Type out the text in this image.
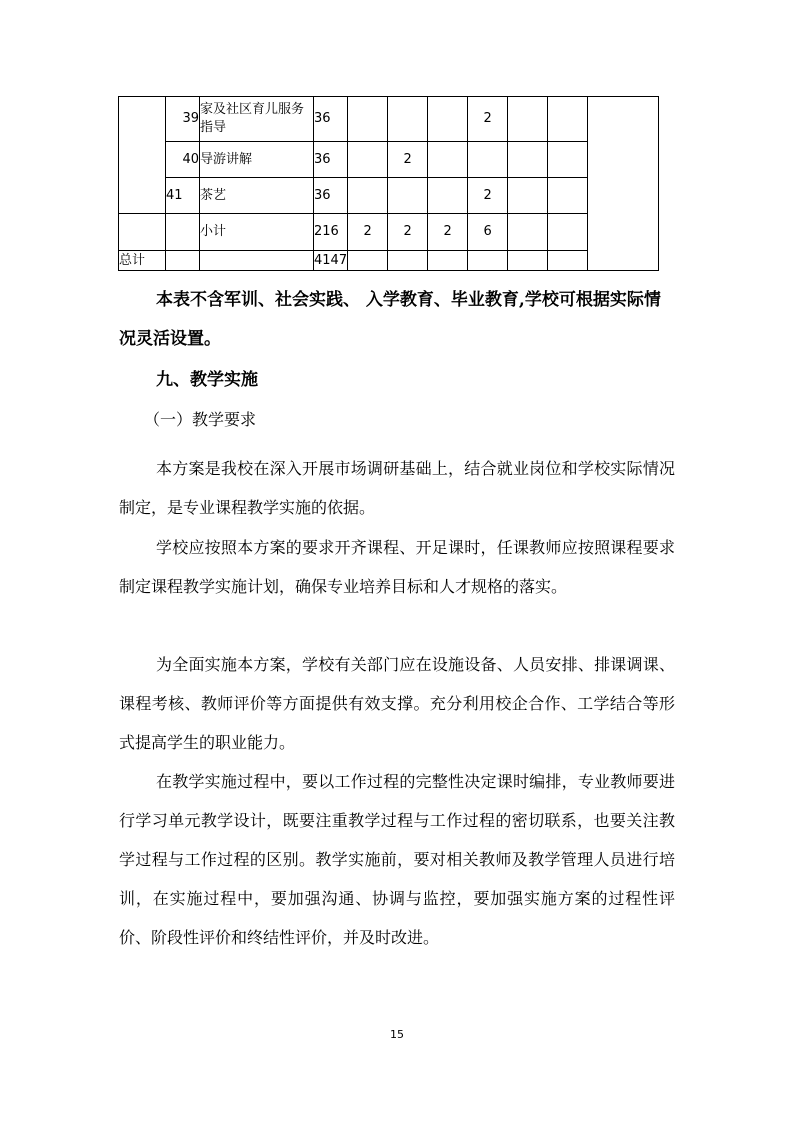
	39	家及社区育儿服务指导	36				2			
	40	导游讲解	36		2					
	41	茶艺	36				2			
		小计	216	2	2	2	6			
总计			4147							

本表不含军训、社会实践、 入学教育、毕业教育,学校可根据实际情况灵活设置。

九、教学实施

（一）教学要求

本方案是我校在深入开展市场调研基础上，结合就业岗位和学校实际情况制定，是专业课程教学实施的依据。

学校应按照本方案的要求开齐课程、开足课时，任课教师应按照课程要求制定课程教学实施计划，确保专业培养目标和人才规格的落实。

为全面实施本方案，学校有关部门应在设施设备、人员安排、排课调课、课程考核、教师评价等方面提供有效支撑。充分利用校企合作、工学结合等形式提高学生的职业能力。

在教学实施过程中，要以工作过程的完整性决定课时编排，专业教师要进行学习单元教学设计，既要注重教学过程与工作过程的密切联系，也要关注教学过程与工作过程的区别。教学实施前，要对相关教师及教学管理人员进行培训，在实施过程中，要加强沟通、协调与监控，要加强实施方案的过程性评价、阶段性评价和终结性评价，并及时改进。

15
